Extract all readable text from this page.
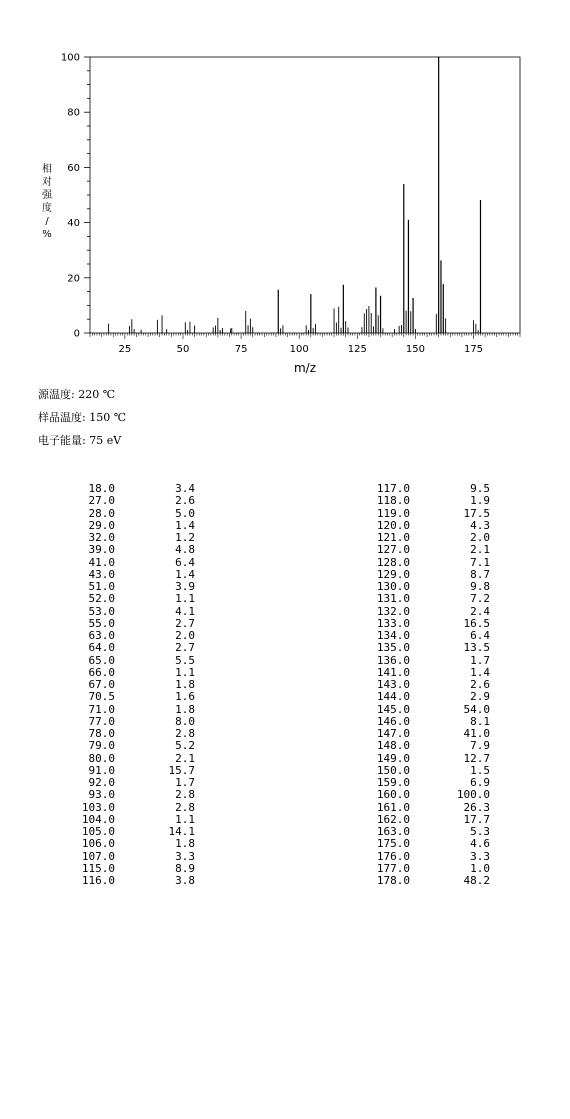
0
20
40
60
80
100
25	50	75	100	125	150	175
m/z
相对强度/ %
源温度: 220 ℃
样品温度: 150 ℃
电子能量: 75 eV
18.0	3.4
27.0	2.6
28.0	5.0
29.0	1.4
32.0	1.2
39.0	4.8
41.0	6.4
43.0	1.4
51.0	3.9
52.0	1.1
53.0	4.1
55.0	2.7
63.0	2.0
64.0	2.7
65.0	5.5
66.0	1.1
67.0	1.8
70.5	1.6
71.0	1.8
77.0	8.0
78.0	2.8
79.0	5.2
80.0	2.1
91.0	15.7
92.0	1.7
93.0	2.8
103.0	2.8
104.0	1.1
105.0	14.1
106.0	1.8
107.0	3.3
115.0	8.9
116.0	3.8
117.0	9.5
118.0	1.9
119.0	17.5
120.0	4.3
121.0	2.0
127.0	2.1
128.0	7.1
129.0	8.7
130.0	9.8
131.0	7.2
132.0	2.4
133.0	16.5
134.0	6.4
135.0	13.5
136.0	1.7
141.0	1.4
143.0	2.6
144.0	2.9
145.0	54.0
146.0	8.1
147.0	41.0
148.0	7.9
149.0	12.7
150.0	1.5
159.0	6.9
160.0	100.0
161.0	26.3
162.0	17.7
163.0	5.3
175.0	4.6
176.0	3.3
177.0	1.0
178.0	48.2
